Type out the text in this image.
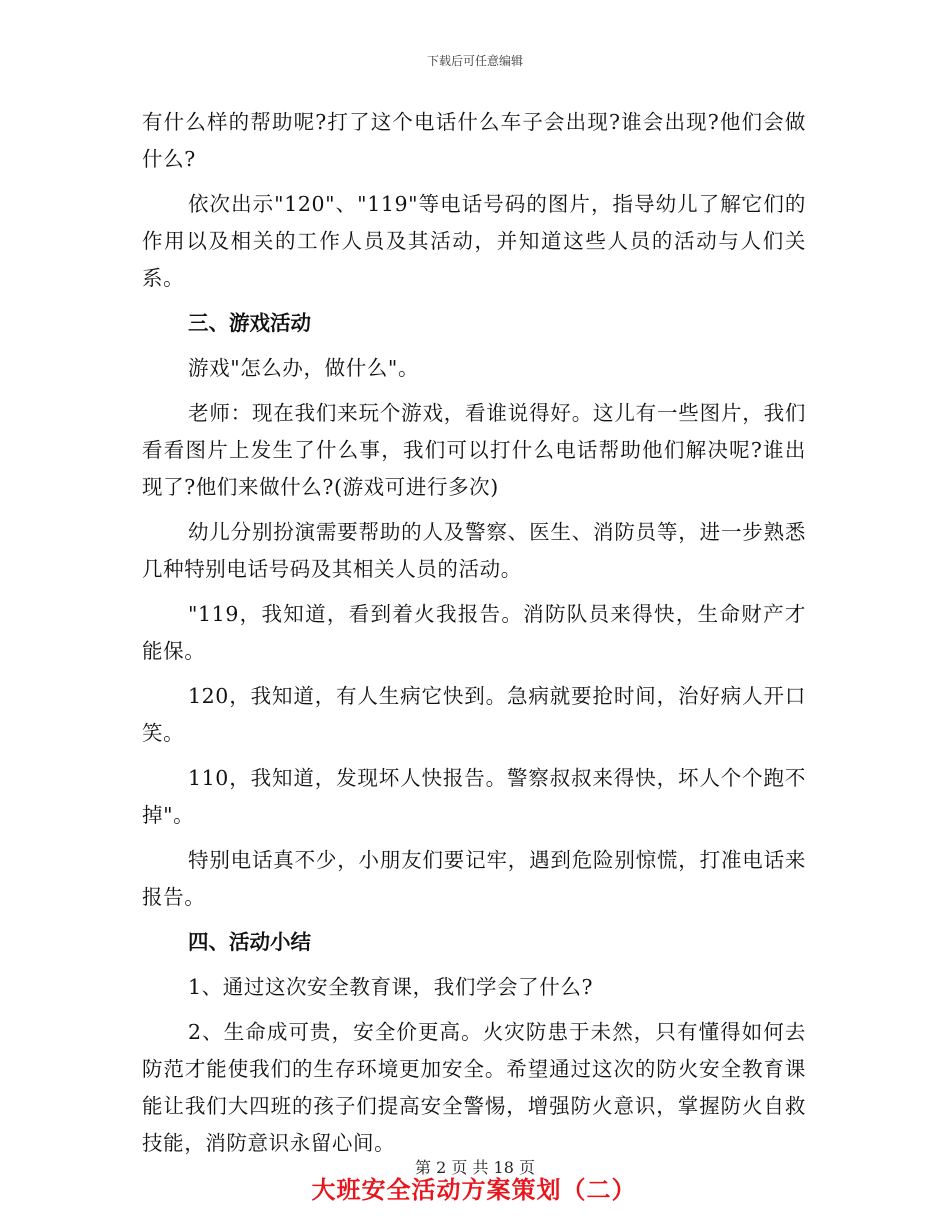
下载后可任意编辑

有什么样的帮助呢?打了这个电话什么车子会出现?谁会出现?他们会做什么?

依次出示"120"、"119"等电话号码的图片，指导幼儿了解它们的作用以及相关的工作人员及其活动，并知道这些人员的活动与人们关系。

三、游戏活动

游戏"怎么办，做什么"。

老师：现在我们来玩个游戏，看谁说得好。这儿有一些图片，我们看看图片上发生了什么事，我们可以打什么电话帮助他们解决呢?谁出现了?他们来做什么?(游戏可进行多次)

幼儿分别扮演需要帮助的人及警察、医生、消防员等，进一步熟悉几种特别电话号码及其相关人员的活动。

"119，我知道，看到着火我报告。消防队员来得快，生命财产才能保。

120，我知道，有人生病它快到。急病就要抢时间，治好病人开口笑。

110，我知道，发现坏人快报告。警察叔叔来得快，坏人个个跑不掉"。

特别电话真不少，小朋友们要记牢，遇到危险别惊慌，打准电话来报告。

四、活动小结

1、通过这次安全教育课，我们学会了什么?

2、生命成可贵，安全价更高。火灾防患于未然，只有懂得如何去防范才能使我们的生存环境更加安全。希望通过这次的防火安全教育课能让我们大四班的孩子们提高安全警惕，增强防火意识，掌握防火自救技能，消防意识永留心间。

大班安全活动方案策划（二）
第 2 页 共 18 页
